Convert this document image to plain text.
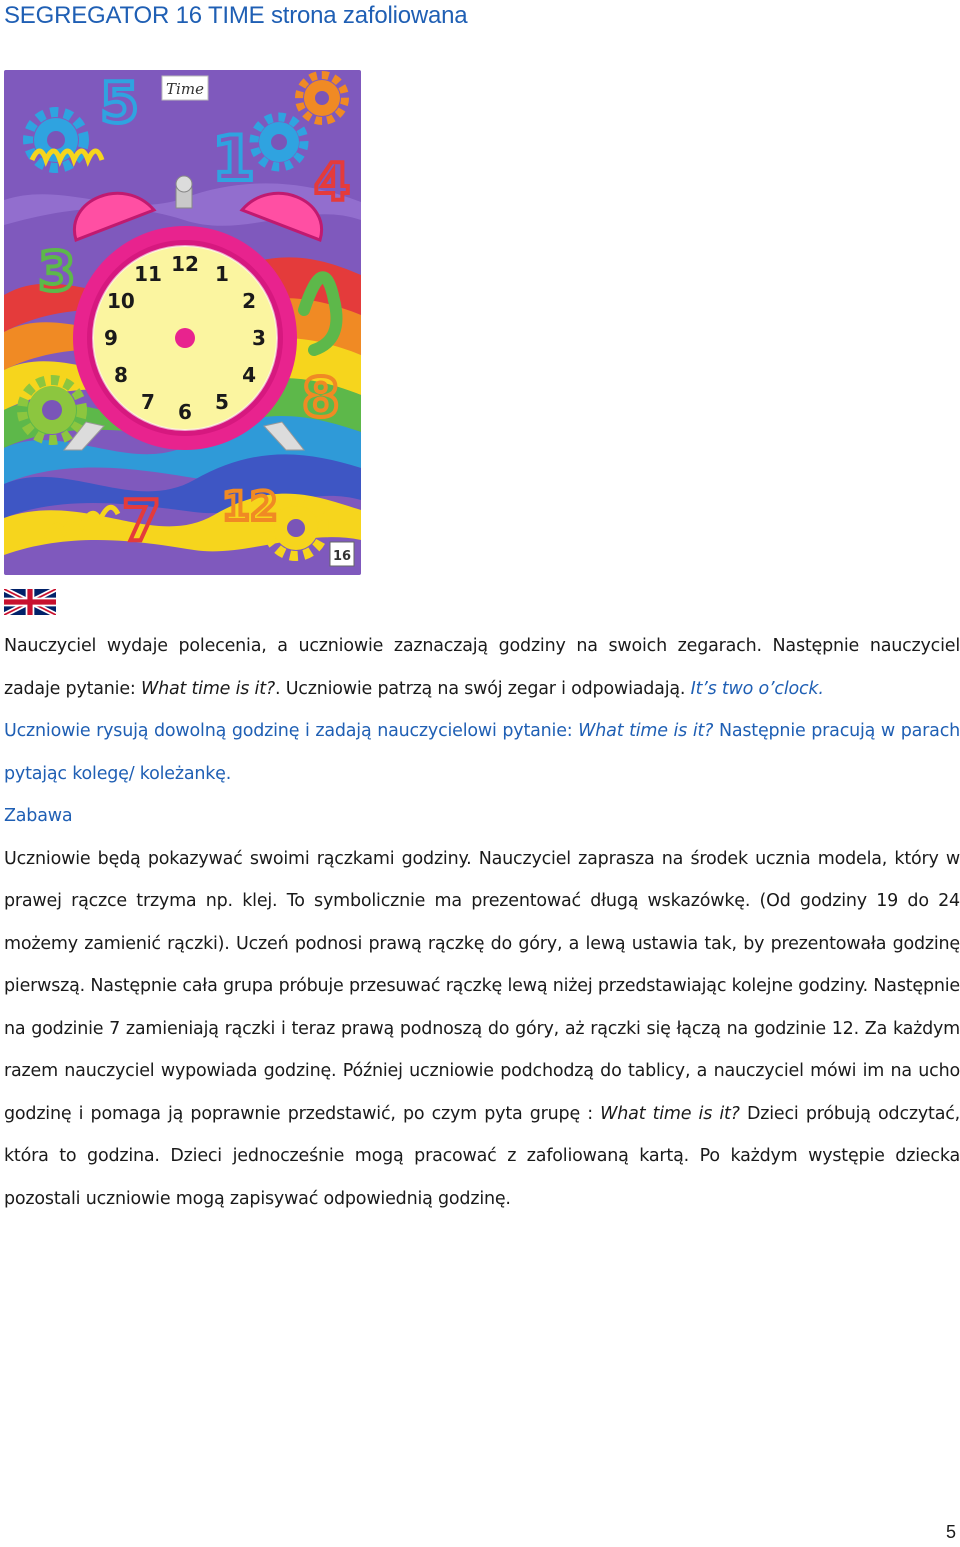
SEGREGATOR 16 TIME strona zafoliowana
Time
5
1 4
3
8
7 12
12 1
2
3
4
5
6
7
8
9
10
11
16

Nauczyciel wydaje polecenia, a uczniowie zaznaczają godziny na swoich zegarach. Następnie nauczyciel zadaje pytanie: What time is it?. Uczniowie patrzą na swój zegar i odpowiadają. It’s two o’clock.

Uczniowie rysują dowolną godzinę i zadają nauczycielowi pytanie: What time is it? Następnie pracują w parach pytając kolegę/ koleżankę.

Zabawa

Uczniowie będą pokazywać swoimi rączkami godziny. Nauczyciel zaprasza na środek ucznia modela, który w prawej rączce trzyma np. klej. To symbolicznie ma prezentować długą wskazówkę. (Od godziny 19 do 24 możemy zamienić rączki). Uczeń podnosi prawą rączkę do góry, a lewą ustawia tak, by prezentowała godzinę pierwszą. Następnie cała grupa próbuje przesuwać rączkę lewą niżej przedstawiając kolejne godziny. Następnie na godzinie 7 zamieniają rączki i teraz prawą podnoszą do góry, aż rączki się łączą na godzinie 12. Za każdym razem nauczyciel wypowiada godzinę. Później uczniowie podchodzą do tablicy, a nauczyciel mówi im na ucho godzinę i pomaga ją poprawnie przedstawić, po czym pyta grupę : What time is it? Dzieci próbują odczytać, która to godzina. Dzieci jednocześnie mogą pracować z zafoliowaną kartą. Po każdym występie dziecka pozostali uczniowie mogą zapisywać odpowiednią godzinę.

5
